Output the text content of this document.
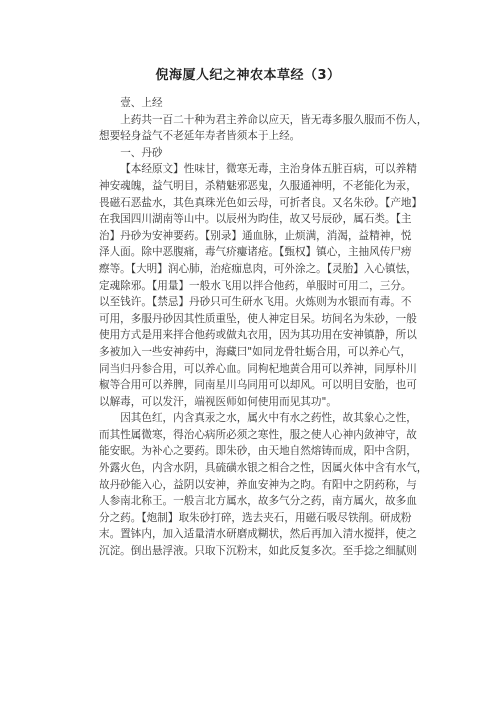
倪海厦人纪之神农本草经（3）

壹、上经

上药共一百二十种为君主养命以应天，皆无毒多服久服而不伤人，
想要轻身益气不老延年寿者皆须本于上经。

一、丹砂

【本经原文】性味甘，微寒无毒，主治身体五脏百病，可以养精
神安魂魄，益气明目，杀精魅邪恶鬼，久服通神明，不老能化为汞，
畏磁石恶盐水，其色真珠光色如云母，可折者良。又名朱砂。【产地】
在我国四川湖南等山中。以辰州为昀佳，故又号辰砂，属石类。【主
治】丹砂为安神要药。【别录】通血脉，止烦满，消渴，益精神，悦
泽人面。除中恶腹痛，毒气疥瘻诸疮。【甄权】镇心，主抽风传尸痨
瘵等。【大明】润心肺，治疮痂息肉，可外涂之。【灵胎】入心镇怯，
定魂除邪。【用量】一般水飞用以拌合他药，单服时可用二，三分。
以至钱许。【禁忌】丹砂只可生研水飞用。火炼则为水银而有毒。不
可用，多服丹砂因其性质重坠，使人神定目呆。坊间名为朱砂，一般
使用方式是用来拌合他药或做丸衣用，因为其功用在安神镇静，所以
多被加入一些安神药中，海藏曰"如同龙骨牡蛎合用，可以养心气，
同当归丹参合用，可以养心血。同枸杞地黄合用可以养神，同厚朴川
椒等合用可以养脾，同南星川乌同用可以却风。可以明目安胎，也可
以解毒，可以发汗，端视医师如何使用而见其功"。

因其色红，内含真汞之水，属火中有水之药性，故其象心之性，
而其性属微寒，得治心病所必须之寒性，服之使人心神内敛神守，故
能安眠。为补心之要药。即朱砂，由天地自然熔铸而成，阳中含阴，
外露火色，内含水阴，具硫磺水银之相合之性，因属火体中含有水气，
故丹砂能入心，益阴以安神，养血安神为之昀。有阳中之阴药称，与
人参南北称王。一般言北方属水，故多气分之药，南方属火，故多血
分之药。【炮制】取朱砂打碎，选去夹石，用磁石吸尽铁削。研成粉
末。置钵内，加入适量清水研磨成糊状，然后再加入清水搅拌，使之
沉淀。倒出悬浮液。只取下沉粉末，如此反复多次。至手捻之细腻则
